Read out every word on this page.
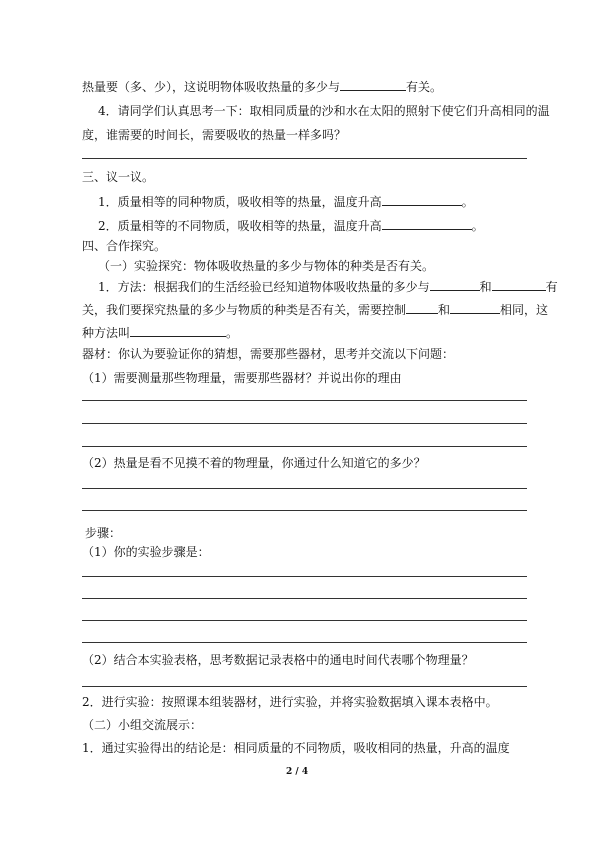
热量要（多、少），这说明物体吸收热量的多少与	有关。
4．请同学们认真思考一下：取相同质量的沙和水在太阳的照射下使它们升高相同的温
度，谁需要的时间长，需要吸收的热量一样多吗？
三、议一议。
1．质量相等的同种物质，吸收相等的热量，温度升高	。
2．质量相等的不同物质，吸收相等的热量，温度升高	。
四、合作探究。
（一）实验探究：物体吸收热量的多少与物体的种类是否有关。
1．方法：根据我们的生活经验已经知道物体吸收热量的多少与	和	有
关，我们要探究热量的多少与物质的种类是否有关，需要控制	和	相同，这
种方法叫	。
器材：你认为要验证你的猜想，需要那些器材，思考并交流以下问题：
（1）需要测量那些物理量，需要那些器材？并说出你的理由
（2）热量是看不见摸不着的物理量，你通过什么知道它的多少？
步骤：
（1）你的实验步骤是：
（2）结合本实验表格，思考数据记录表格中的通电时间代表哪个物理量？
2．进行实验：按照课本组装器材，进行实验，并将实验数据填入课本表格中。
（二）小组交流展示：
1．通过实验得出的结论是：相同质量的不同物质，吸收相同的热量，升高的温度
2 / 4
